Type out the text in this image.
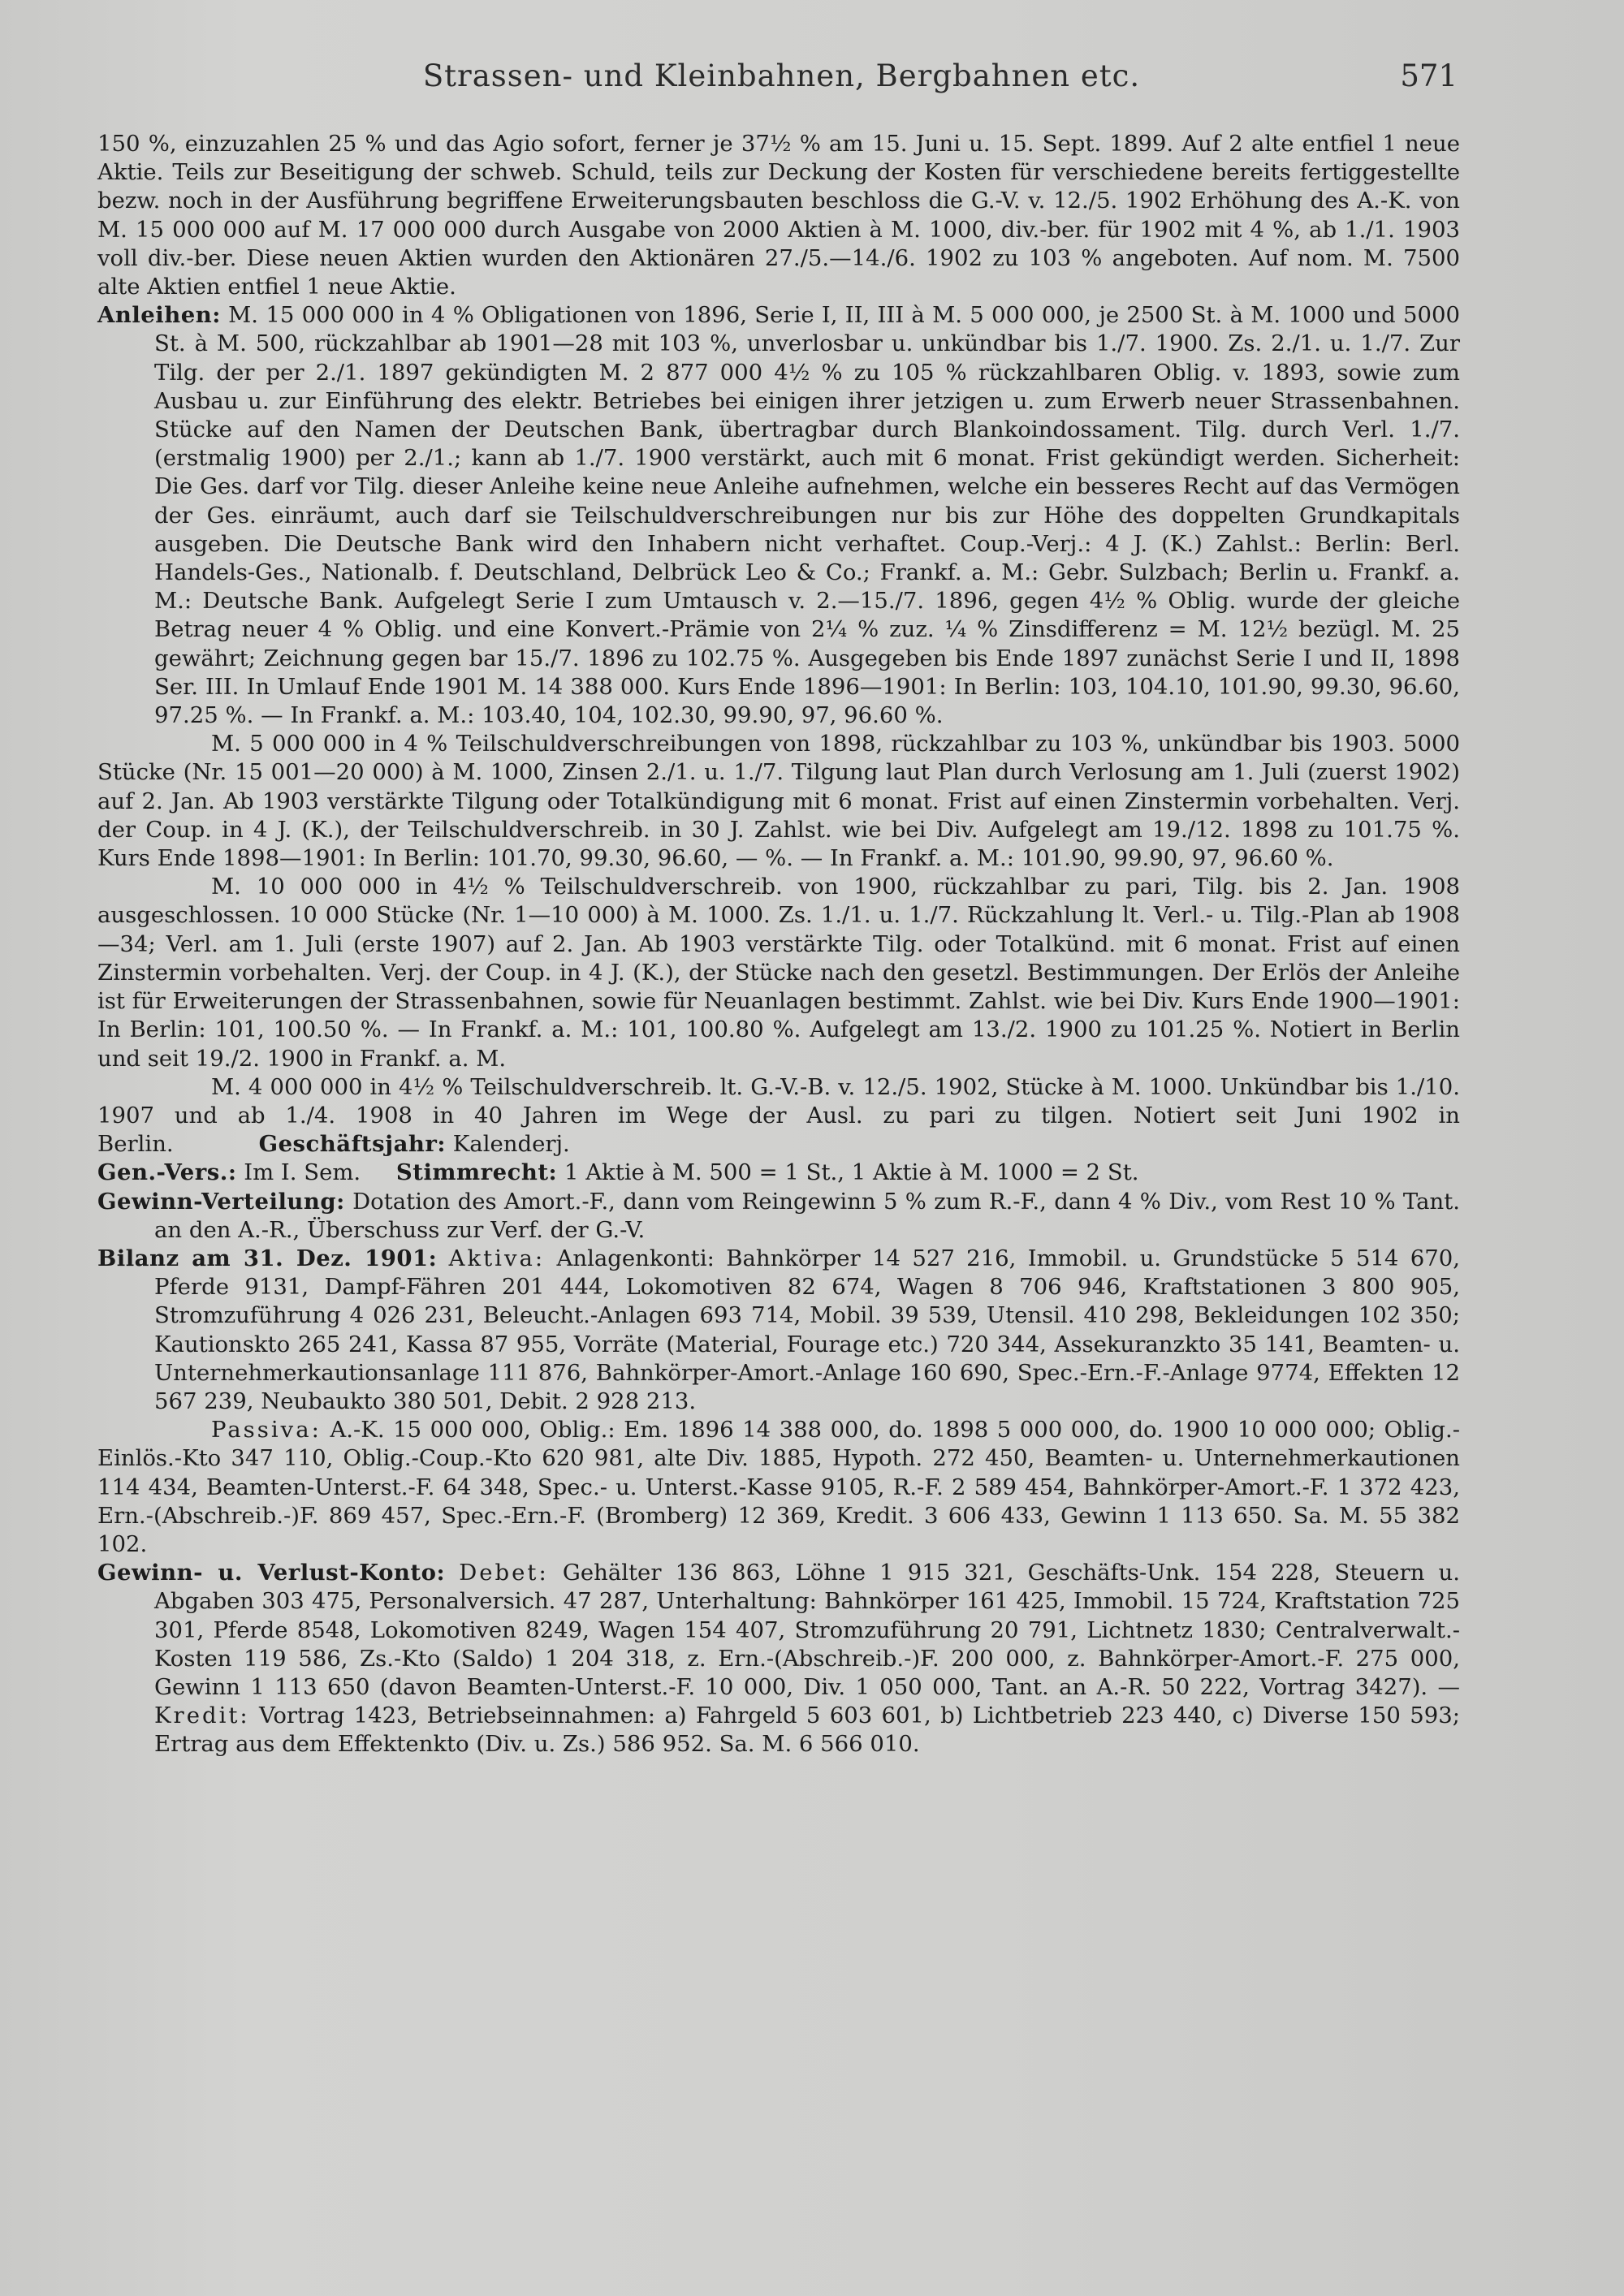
Strassen- und Kleinbahnen, Bergbahnen etc.	571

150 %, einzuzahlen 25 % und das Agio sofort, ferner je 37½ % am 15. Juni u. 15. Sept. 1899. Auf 2 alte entfiel 1 neue Aktie. Teils zur Beseitigung der schweb. Schuld, teils zur Deckung der Kosten für verschiedene bereits fertiggestellte bezw. noch in der Ausführung begriffene Erweiterungsbauten beschloss die G.-V. v. 12./5. 1902 Erhöhung des A.-K. von M. 15 000 000 auf M. 17 000 000 durch Ausgabe von 2000 Aktien à M. 1000, div.-ber. für 1902 mit 4 %, ab 1./1. 1903 voll div.-ber. Diese neuen Aktien wurden den Aktionären 27./5.—14./6. 1902 zu 103 % angeboten. Auf nom. M. 7500 alte Aktien entfiel 1 neue Aktie.

Anleihen: M. 15 000 000 in 4 % Obligationen von 1896, Serie I, II, III à M. 5 000 000, je 2500 St. à M. 1000 und 5000 St. à M. 500, rückzahlbar ab 1901—28 mit 103 %, unverlosbar u. unkündbar bis 1./7. 1900. Zs. 2./1. u. 1./7. Zur Tilg. der per 2./1. 1897 gekündigten M. 2 877 000 4½ % zu 105 % rückzahlbaren Oblig. v. 1893, sowie zum Ausbau u. zur Einführung des elektr. Betriebes bei einigen ihrer jetzigen u. zum Erwerb neuer Strassenbahnen. Stücke auf den Namen der Deutschen Bank, übertragbar durch Blankoindossament. Tilg. durch Verl. 1./7. (erstmalig 1900) per 2./1.; kann ab 1./7. 1900 verstärkt, auch mit 6 monat. Frist gekündigt werden. Sicherheit: Die Ges. darf vor Tilg. dieser Anleihe keine neue Anleihe aufnehmen, welche ein besseres Recht auf das Vermögen der Ges. einräumt, auch darf sie Teilschuldverschreibungen nur bis zur Höhe des doppelten Grundkapitals ausgeben. Die Deutsche Bank wird den Inhabern nicht verhaftet. Coup.-Verj.: 4 J. (K.) Zahlst.: Berlin: Berl. Handels-Ges., Nationalb. f. Deutschland, Delbrück Leo & Co.; Frankf. a. M.: Gebr. Sulzbach; Berlin u. Frankf. a. M.: Deutsche Bank. Aufgelegt Serie I zum Umtausch v. 2.—15./7. 1896, gegen 4½ % Oblig. wurde der gleiche Betrag neuer 4 % Oblig. und eine Konvert.-Prämie von 2¼ % zuz. ¼ % Zinsdifferenz = M. 12½ bezügl. M. 25 gewährt; Zeichnung gegen bar 15./7. 1896 zu 102.75 %. Ausgegeben bis Ende 1897 zunächst Serie I und II, 1898 Ser. III. In Umlauf Ende 1901 M. 14 388 000. Kurs Ende 1896—1901: In Berlin: 103, 104.10, 101.90, 99.30, 96.60, 97.25 %. — In Frankf. a. M.: 103.40, 104, 102.30, 99.90, 97, 96.60 %.

M. 5 000 000 in 4 % Teilschuldverschreibungen von 1898, rückzahlbar zu 103 %, unkündbar bis 1903. 5000 Stücke (Nr. 15 001—20 000) à M. 1000, Zinsen 2./1. u. 1./7. Tilgung laut Plan durch Verlosung am 1. Juli (zuerst 1902) auf 2. Jan. Ab 1903 verstärkte Tilgung oder Totalkündigung mit 6 monat. Frist auf einen Zinstermin vorbehalten. Verj. der Coup. in 4 J. (K.), der Teilschuldverschreib. in 30 J. Zahlst. wie bei Div. Aufgelegt am 19./12. 1898 zu 101.75 %. Kurs Ende 1898—1901: In Berlin: 101.70, 99.30, 96.60, — %. — In Frankf. a. M.: 101.90, 99.90, 97, 96.60 %.

M. 10 000 000 in 4½ % Teilschuldverschreib. von 1900, rückzahlbar zu pari, Tilg. bis 2. Jan. 1908 ausgeschlossen. 10 000 Stücke (Nr. 1—10 000) à M. 1000. Zs. 1./1. u. 1./7. Rückzahlung lt. Verl.- u. Tilg.-Plan ab 1908—34; Verl. am 1. Juli (erste 1907) auf 2. Jan. Ab 1903 verstärkte Tilg. oder Totalkünd. mit 6 monat. Frist auf einen Zinstermin vorbehalten. Verj. der Coup. in 4 J. (K.), der Stücke nach den gesetzl. Bestimmungen. Der Erlös der Anleihe ist für Erweiterungen der Strassenbahnen, sowie für Neuanlagen bestimmt. Zahlst. wie bei Div. Kurs Ende 1900—1901: In Berlin: 101, 100.50 %. — In Frankf. a. M.: 101, 100.80 %. Aufgelegt am 13./2. 1900 zu 101.25 %. Notiert in Berlin und seit 19./2. 1900 in Frankf. a. M.

M. 4 000 000 in 4½ % Teilschuldverschreib. lt. G.-V.-B. v. 12./5. 1902, Stücke à M. 1000. Unkündbar bis 1./10. 1907 und ab 1./4. 1908 in 40 Jahren im Wege der Ausl. zu pari zu tilgen. Notiert seit Juni 1902 in Berlin.	Geschäftsjahr: Kalenderj.

Gen.-Vers.: Im I. Sem. Stimmrecht: 1 Aktie à M. 500 = 1 St., 1 Aktie à M. 1000 = 2 St.

Gewinn-Verteilung: Dotation des Amort.-F., dann vom Reingewinn 5 % zum R.-F., dann 4 % Div., vom Rest 10 % Tant. an den A.-R., Überschuss zur Verf. der G.-V.

Bilanz am 31. Dez. 1901: Aktiva: Anlagenkonti: Bahnkörper 14 527 216, Immobil. u. Grundstücke 5 514 670, Pferde 9131, Dampf-Fähren 201 444, Lokomotiven 82 674, Wagen 8 706 946, Kraftstationen 3 800 905, Stromzuführung 4 026 231, Beleucht.-Anlagen 693 714, Mobil. 39 539, Utensil. 410 298, Bekleidungen 102 350; Kautionskto 265 241, Kassa 87 955, Vorräte (Material, Fourage etc.) 720 344, Assekuranzkto 35 141, Beamten- u. Unternehmerkautionsanlage 111 876, Bahnkörper-Amort.-Anlage 160 690, Spec.-Ern.-F.-Anlage 9774, Effekten 12 567 239, Neubaukto 380 501, Debit. 2 928 213.

Passiva: A.-K. 15 000 000, Oblig.: Em. 1896 14 388 000, do. 1898 5 000 000, do. 1900 10 000 000; Oblig.-Einlös.-Kto 347 110, Oblig.-Coup.-Kto 620 981, alte Div. 1885, Hypoth. 272 450, Beamten- u. Unternehmerkautionen 114 434, Beamten-Unterst.-F. 64 348, Spec.- u. Unterst.-Kasse 9105, R.-F. 2 589 454, Bahnkörper-Amort.-F. 1 372 423, Ern.-(Abschreib.-)F. 869 457, Spec.-Ern.-F. (Bromberg) 12 369, Kredit. 3 606 433, Gewinn 1 113 650. Sa. M. 55 382 102.

Gewinn- u. Verlust-Konto: Debet: Gehälter 136 863, Löhne 1 915 321, Geschäfts-Unk. 154 228, Steuern u. Abgaben 303 475, Personalversich. 47 287, Unterhaltung: Bahnkörper 161 425, Immobil. 15 724, Kraftstation 725 301, Pferde 8548, Lokomotiven 8249, Wagen 154 407, Stromzuführung 20 791, Lichtnetz 1830; Centralverwalt.-Kosten 119 586, Zs.-Kto (Saldo) 1 204 318, z. Ern.-(Abschreib.-)F. 200 000, z. Bahnkörper-Amort.-F. 275 000, Gewinn 1 113 650 (davon Beamten-Unterst.-F. 10 000, Div. 1 050 000, Tant. an A.-R. 50 222, Vortrag 3427). — Kredit: Vortrag 1423, Betriebseinnahmen: a) Fahrgeld 5 603 601, b) Lichtbetrieb 223 440, c) Diverse 150 593; Ertrag aus dem Effektenkto (Div. u. Zs.) 586 952. Sa. M. 6 566 010.
